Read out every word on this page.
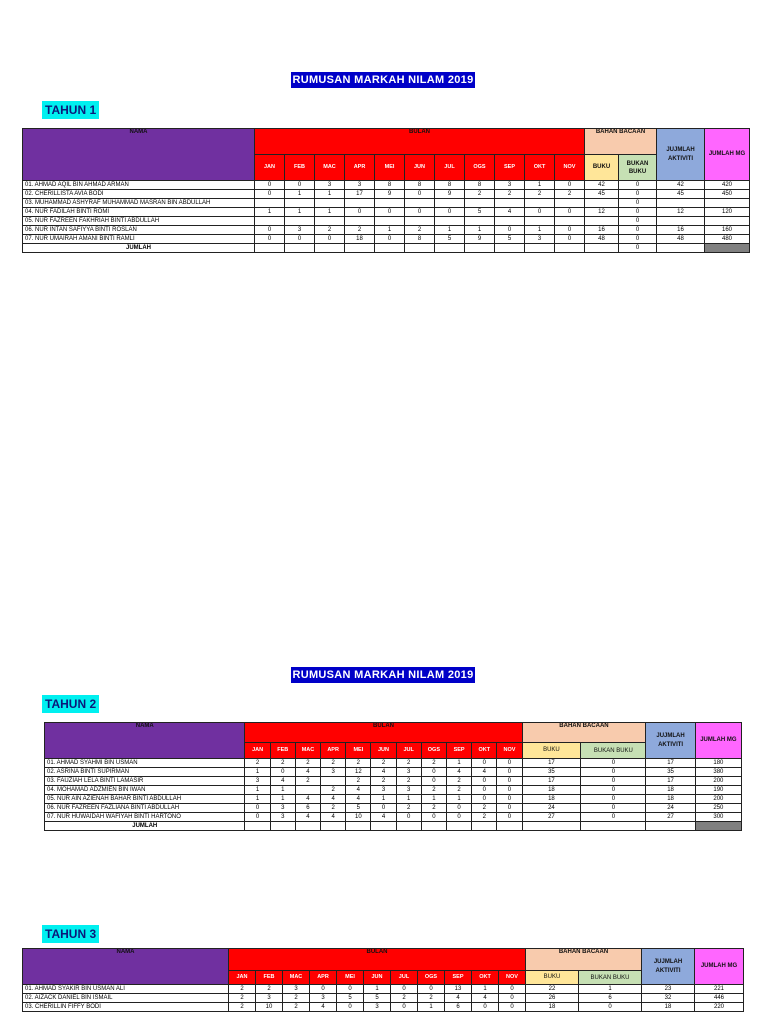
RUMUSAN MARKAH NILAM 2019
TAHUN 1
NAMA	BULAN											BAHAN BACAAN		JUJMLAH AKTIVITI	JUMLAH MG
	JAN	FEB	MAC	APR	MEI	JUN	JUL	OGS	SEP	OKT	NOV	BUKU	BUKAN BUKU		
01. AHMAD AQIL BIN AHMAD ARMAN	0	0	3	3	8	8	8	8	3	1	0	42	0	42	420
02. CHERILLISTA AVIA BODI	0	1	1	17	9	0	9	2	2	2	2	45	0	45	450
03. MUHAMMAD ASHYRAF MUHAMMAD MASRAN BIN ABDULLAH													0		
04. NUR FADILAH BINTI ROMI	1	1	1	0	0	0	0	5	4	0	0	12	0	12	120
05. NUR FAZREEN FAKHRIAH BINTI ABDULLAH													0		
06. NUR INTAN SAFIYYA BINTI ROSLAN	0	3	2	2	1	2	1	1	0	1	0	16	0	16	160
07. NUR UMAIRAH AMANI BINTI RAMLI	0	0	0	18	0	8	5	9	5	3	0	48	0	48	480
JUMLAH													0		
RUMUSAN MARKAH NILAM 2019
TAHUN 2
NAMA	BULAN											BAHAN BACAAN		JUJMLAH AKTIVITI	JUMLAH MG
	JAN	FEB	MAC	APR	MEI	JUN	JUL	OGS	SEP	OKT	NOV	BUKU	BUKAN BUKU		
01. AHMAD SYAHMI BIN USMAN	2	2	2	2	2	2	2	2	1	0	0	17	0	17	180
02. ASRINA BINTI SUPIRMAN	1	0	4	3	12	4	3	0	4	4	0	35	0	35	380
03. FAUZIAH LELA BINTI LAMASIR	3	4	2		2	2	2	0	2	0	0	17	0	17	200
04. MOHAMAD ADZMIEN BIN IWAN	1	1		2	4	3	3	2	2	0	0	18	0	18	190
05. NUR AIN AZIENAH BAHAR BINTI ABDULLAH	1	1	4	4	4	1	1	1	1	0	0	18	0	18	200
06. NUR FAZREEN FAZLIANA BINTI ABDULLAH	0	3	6	2	5	0	2	2	0	2	0	24	0	24	250
07. NUR HUWAIDAH WAFIYAH BINTI HARTONO	0	3	4	4	10	4	0	0	0	2	0	27	0	27	300
JUMLAH															
TAHUN 3
NAMA	BULAN											BAHAN BACAAN		JUJMLAH AKTIVITI	JUMLAH MG
	JAN	FEB	MAC	APR	MEI	JUN	JUL	OGS	SEP	OKT	NOV	BUKU	BUKAN BUKU		
01. AHMAD SYAKIR BIN USMAN ALI	2	2	3	0	0	1	0	0	13	1	0	22	1	23	221
02. AIZACK DANIEL BIN ISMAIL	2	3	2	3	5	5	2	2	4	4	0	26	6	32	446
03. CHERILLIN FIFFY BODI	2	10	2	4	0	3	0	1	6	0	0	18	0	18	220
